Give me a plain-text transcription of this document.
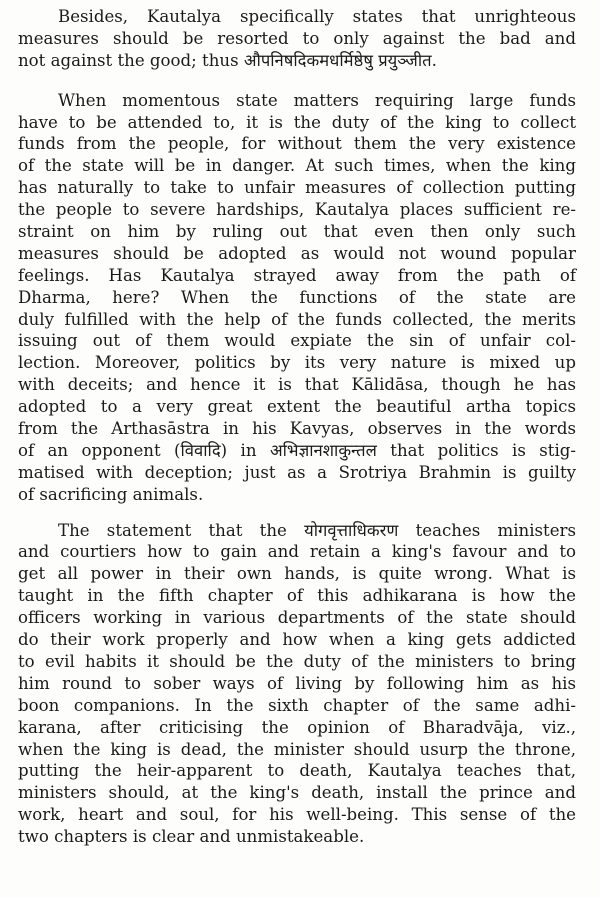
Besides, Kautalya specifically states that unrighteous
measures should be resorted to only against the bad and
not against the good; thus औपनिषदिकमधर्मिष्ठेषु प्रयुञ्जीत.
When momentous state matters requiring large funds
have to be attended to, it is the duty of the king to collect
funds from the people, for without them the very existence
of the state will be in danger. At such times, when the king
has naturally to take to unfair measures of collection putting
the people to severe hardships, Kautalya places sufficient re-
straint on him by ruling out that even then only such
measures should be adopted as would not wound popular
feelings. Has Kautalya strayed away from the path of
Dharma, here? When the functions of the state are
duly fulfilled with the help of the funds collected, the merits
issuing out of them would expiate the sin of unfair col-
lection. Moreover, politics by its very nature is mixed up
with deceits; and hence it is that Kālidāsa, though he has
adopted to a very great extent the beautiful artha topics
from the Arthasāstra in his Kavyas, observes in the words
of an opponent (विवादि) in अभिज्ञानशाकुन्तल that politics is stig-
matised with deception; just as a Srotriya Brahmin is guilty
of sacrificing animals.
The statement that the योगवृत्ताधिकरण teaches ministers
and courtiers how to gain and retain a king's favour and to
get all power in their own hands, is quite wrong. What is
taught in the fifth chapter of this adhikarana is how the
officers working in various departments of the state should
do their work properly and how when a king gets addicted
to evil habits it should be the duty of the ministers to bring
him round to sober ways of living by following him as his
boon companions. In the sixth chapter of the same adhi-
karana, after criticising the opinion of Bharadvāja, viz.,
when the king is dead, the minister should usurp the throne,
putting the heir-apparent to death, Kautalya teaches that,
ministers should, at the king's death, install the prince and
work, heart and soul, for his well-being. This sense of the
two chapters is clear and unmistakeable.
